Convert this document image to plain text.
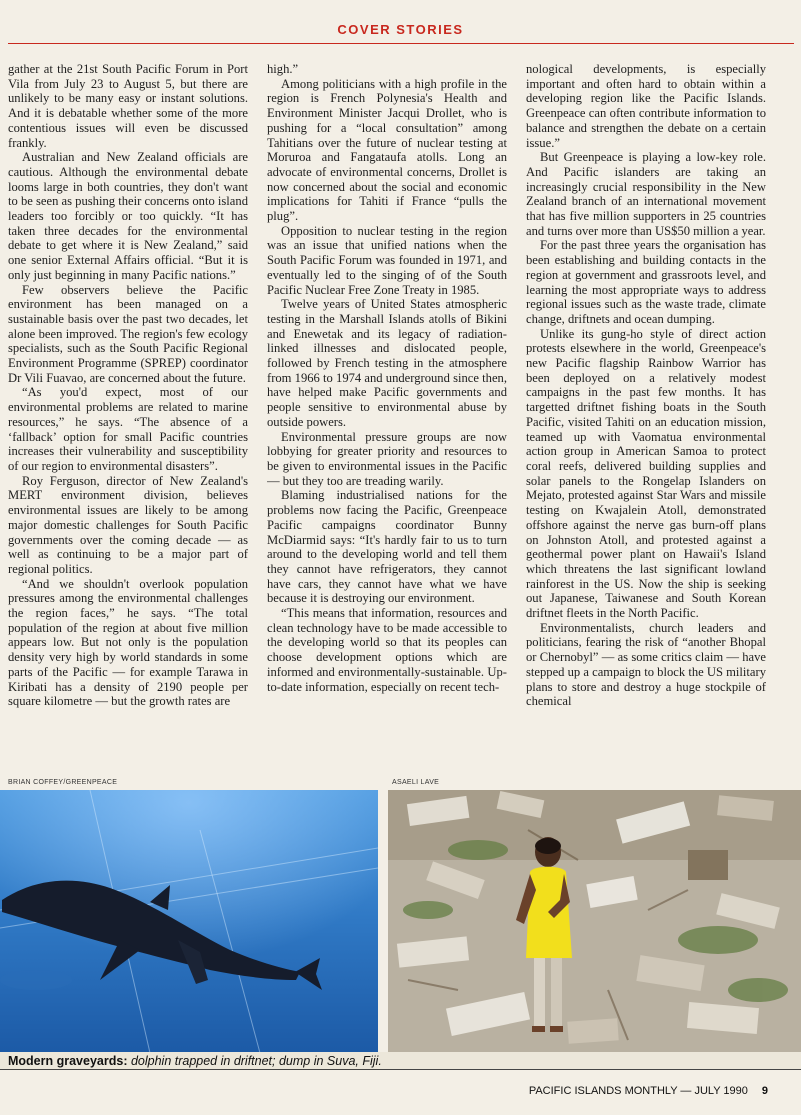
COVER STORIES

gather at the 21st South Pacific Forum in Port Vila from July 23 to August 5, but there are unlikely to be many easy or instant solutions. And it is debatable whether some of the more contentious issues will even be discussed frankly.

Australian and New Zealand officials are cautious. Although the environmental debate looms large in both countries, they don't want to be seen as pushing their concerns onto island leaders too forcibly or too quickly. “It has taken three decades for the environmental debate to get where it is New Zealand,” said one senior External Affairs official. “But it is only just beginning in many Pacific nations.”

Few observers believe the Pacific environment has been managed on a sustainable basis over the past two decades, let alone been improved. The region's few ecology specialists, such as the South Pacific Regional Environment Programme (SPREP) coordinator Dr Vili Fuavao, are concerned about the future.

“As you'd expect, most of our environmental problems are related to marine resources,” he says. “The absence of a ‘fallback’ option for small Pacific countries increases their vulnerability and susceptibility of our region to environmental disasters”.

Roy Ferguson, director of New Zealand's MERT environment division, believes environmental issues are likely to be among major domestic challenges for South Pacific governments over the coming decade — as well as continuing to be a major part of regional politics.

“And we shouldn't overlook population pressures among the environmental challenges the region faces,” he says. “The total population of the region at about five million appears low. But not only is the population density very high by world standards in some parts of the Pacific — for example Tarawa in Kiribati has a density of 2190 people per square kilometre — but the growth rates are

high.”

Among politicians with a high profile in the region is French Polynesia's Health and Environment Minister Jacqui Drollet, who is pushing for a “local consultation” among Tahitians over the future of nuclear testing at Moruroa and Fangataufa atolls. Long an advocate of environmental concerns, Drollet is now concerned about the social and economic implications for Tahiti if France “pulls the plug”.

Opposition to nuclear testing in the region was an issue that unified nations when the South Pacific Forum was founded in 1971, and eventually led to the singing of of the South Pacific Nuclear Free Zone Treaty in 1985.

Twelve years of United States atmospheric testing in the Marshall Islands atolls of Bikini and Enewetak and its legacy of radiation-linked illnesses and dislocated people, followed by French testing in the atmosphere from 1966 to 1974 and underground since then, have helped make Pacific governments and people sensitive to environmental abuse by outside powers.

Environmental pressure groups are now lobbying for greater priority and resources to be given to environmental issues in the Pacific — but they too are treading warily.

Blaming industrialised nations for the problems now facing the Pacific, Greenpeace Pacific campaigns coordinator Bunny McDiarmid says: “It's hardly fair to us to turn around to the developing world and tell them they cannot have refrigerators, they cannot have cars, they cannot have what we have because it is destroying our environment.

“This means that information, resources and clean technology have to be made accessible to the developing world so that its peoples can choose development options which are informed and environmentally-sustainable. Up-to-date information, especially on recent tech-

nological developments, is especially important and often hard to obtain within a developing region like the Pacific Islands. Greenpeace can often contribute information to balance and strengthen the debate on a certain issue.”

But Greenpeace is playing a low-key role. And Pacific islanders are taking an increasingly crucial responsibility in the New Zealand branch of an international movement that has five million supporters in 25 countries and turns over more than US$50 million a year.

For the past three years the organisation has been establishing and building contacts in the region at government and grassroots level, and learning the most appropriate ways to address regional issues such as the waste trade, climate change, driftnets and ocean dumping.

Unlike its gung-ho style of direct action protests elsewhere in the world, Greenpeace's new Pacific flagship Rainbow Warrior has been deployed on a relatively modest campaigns in the past few months. It has targetted driftnet fishing boats in the South Pacific, visited Tahiti on an education mission, teamed up with Vaomatua environmental action group in American Samoa to protect coral reefs, delivered building supplies and solar panels to the Rongelap Islanders on Mejato, protested against Star Wars and missile testing on Kwajalein Atoll, demonstrated offshore against the nerve gas burn-off plans on Johnston Atoll, and protested against a geothermal power plant on Hawaii's Island which threatens the last significant lowland rainforest in the US. Now the ship is seeking out Japanese, Taiwanese and South Korean driftnet fleets in the North Pacific.

Environmentalists, church leaders and politicians, fearing the risk of “another Bhopal or Chernobyl” — as some critics claim — have stepped up a campaign to block the US military plans to store and destroy a huge stockpile of chemical

BRIAN COFFEY/GREENPEACE	ASAELI LAVE
Modern graveyards: dolphin trapped in driftnet; dump in Suva, Fiji.
PACIFIC ISLANDS MONTHLY — JULY 1990 9
